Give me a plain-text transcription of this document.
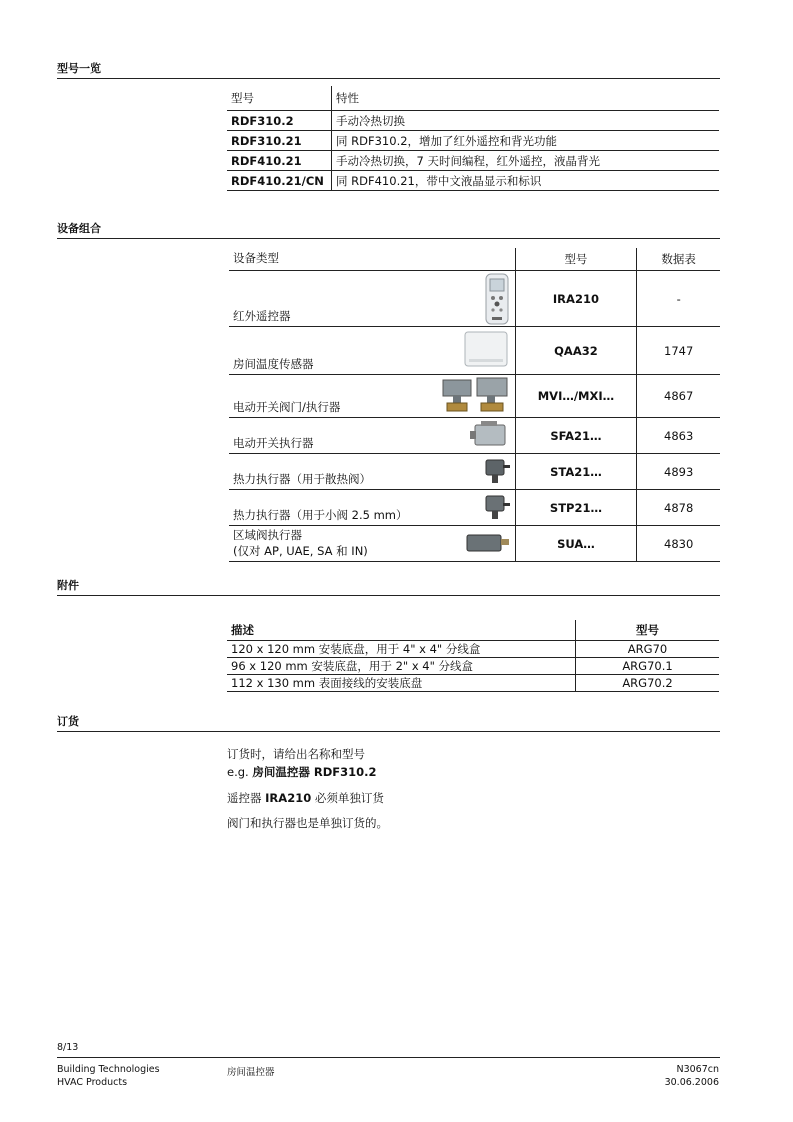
型号一览
型号	特性
RDF310.2	手动冷热切换
RDF310.21	同 RDF310.2，增加了红外遥控和背光功能
RDF410.21	手动冷热切换，7 天时间编程，红外遥控，液晶背光
RDF410.21/CN	同 RDF410.21，带中文液晶显示和标识
设备组合
设备类型	型号	数据表
红外遥控器	IRA210	-
房间温度传感器	QAA32	1747
电动开关阀门/执行器	MVI…/MXI…	4867
电动开关执行器	SFA21…	4863
热力执行器（用于散热阀）	STA21…	4893
热力执行器（用于小阀 2.5 mm）	STP21…	4878

区域阀执行器
(仅对 AP, UAE, SA 和 IN)	SUA…	4830
附件
描述	型号
120 x 120 mm 安装底盘，用于 4" x 4" 分线盒	ARG70
96 x 120 mm 安装底盘，用于 2" x 4" 分线盒	ARG70.1
112 x 130 mm 表面接线的安装底盘	ARG70.2
订货
订货时，请给出名称和型号
e.g. 房间温控器 RDF310.2
遥控器 IRA210 必须单独订货
阀门和执行器也是单独订货的。
8/13
Building Technologies
HVAC Products
房间温控器	N3067cn
30.06.2006
